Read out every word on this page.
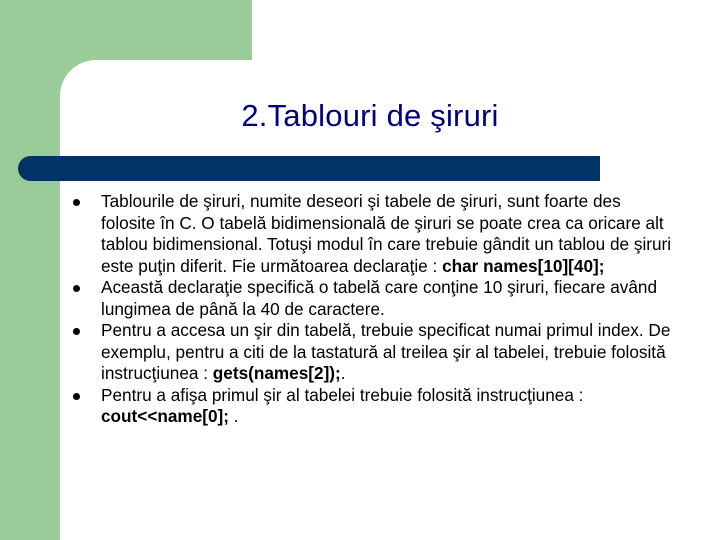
2.Tablouri de şiruri
Tablourile de şiruri, numite deseori şi tabele de şiruri, sunt foarte des folosite în C. O tabelă bidimensională de şiruri se poate crea ca oricare alt tablou bidimensional. Totuşi modul în care trebuie gândit un tablou de şiruri este puţin diferit. Fie următoarea declaraţie : char names[10][40];
Această declaraţie specifică o tabelă care conţine 10 şiruri, fiecare având lungimea de până la 40 de caractere.
Pentru a accesa un şir din tabelă, trebuie specificat numai primul index. De exemplu, pentru a citi de la tastatură al treilea şir al tabelei, trebuie folosită instrucţiunea : gets(names[2]);.
Pentru a afişa primul şir al tabelei trebuie folosită instrucţiunea : cout<<name[0]; .
